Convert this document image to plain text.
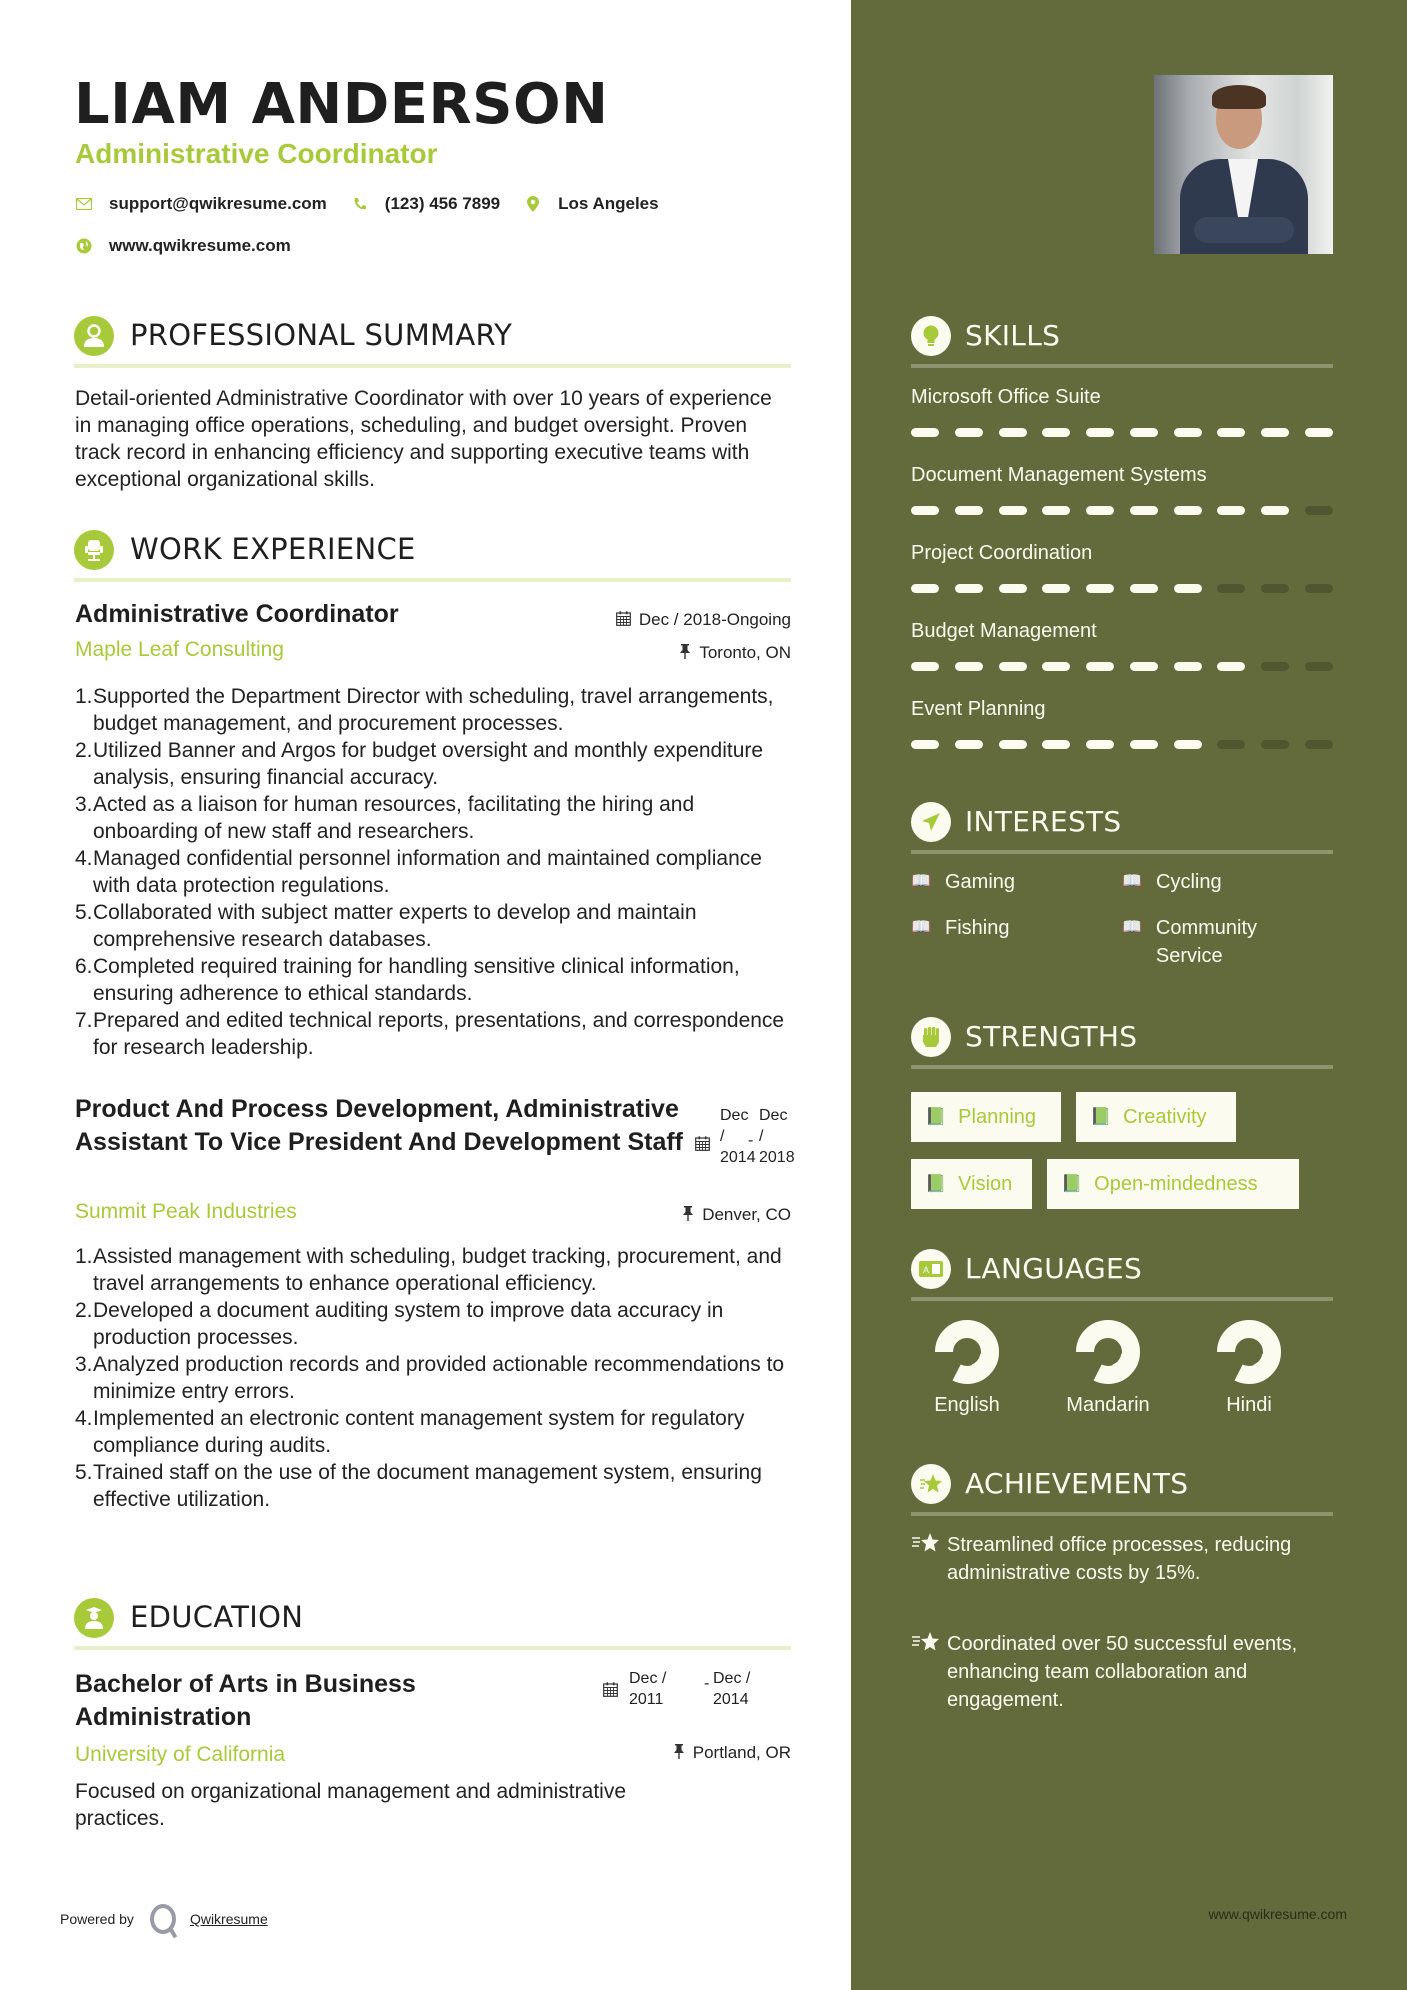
LIAM ANDERSON
Administrative Coordinator
support@qwikresume.com	(123) 456 7899	Los Angeles
www.qwikresume.com
PROFESSIONAL SUMMARY
Detail-oriented Administrative Coordinator with over 10 years of experience in managing office operations, scheduling, and budget oversight. Proven track record in enhancing efficiency and supporting executive teams with exceptional organizational skills.
WORK EXPERIENCE
Administrative Coordinator	Dec / 2018-Ongoing
Maple Leaf Consulting	Toronto, ON
1. Supported the Department Director with scheduling, travel arrangements, budget management, and procurement processes.
2. Utilized Banner and Argos for budget oversight and monthly expenditure analysis, ensuring financial accuracy.
3. Acted as a liaison for human resources, facilitating the hiring and onboarding of new staff and researchers.
4. Managed confidential personnel information and maintained compliance with data protection regulations.
5. Collaborated with subject matter experts to develop and maintain comprehensive research databases.
6. Completed required training for handling sensitive clinical information, ensuring adherence to ethical standards.
7. Prepared and edited technical reports, presentations, and correspondence for research leadership.
Product And Process Development, Administrative Assistant To Vice President And Development Staff
Dec / 2014
-
Dec / 2018
Summit Peak Industries	Denver, CO
1. Assisted management with scheduling, budget tracking, procurement, and travel arrangements to enhance operational efficiency.
2. Developed a document auditing system to improve data accuracy in production processes.
3. Analyzed production records and provided actionable recommendations to minimize entry errors.
4. Implemented an electronic content management system for regulatory compliance during audits.
5. Trained staff on the use of the document management system, ensuring effective utilization.
EDUCATION
Bachelor of Arts in Business Administration
Dec / 2011
- Dec / 2014
University of California	Portland, OR
Focused on organizational management and administrative practices.
Powered by	Qwikresume
SKILLS
Microsoft Office Suite
Document Management Systems
Project Coordination
Budget Management
Event Planning
INTERESTS
📖 Gaming	📖 Cycling
📖 Fishing	📖 Community Service
STRENGTHS
📗 Planning	📗 Creativity
📗 Vision	📗 Open-mindedness
A LANGUAGES
English	Mandarin	Hindi
ACHIEVEMENTS
Streamlined office processes, reducing administrative costs by 15%.
Coordinated over 50 successful events, enhancing team collaboration and engagement.
www.qwikresume.com
